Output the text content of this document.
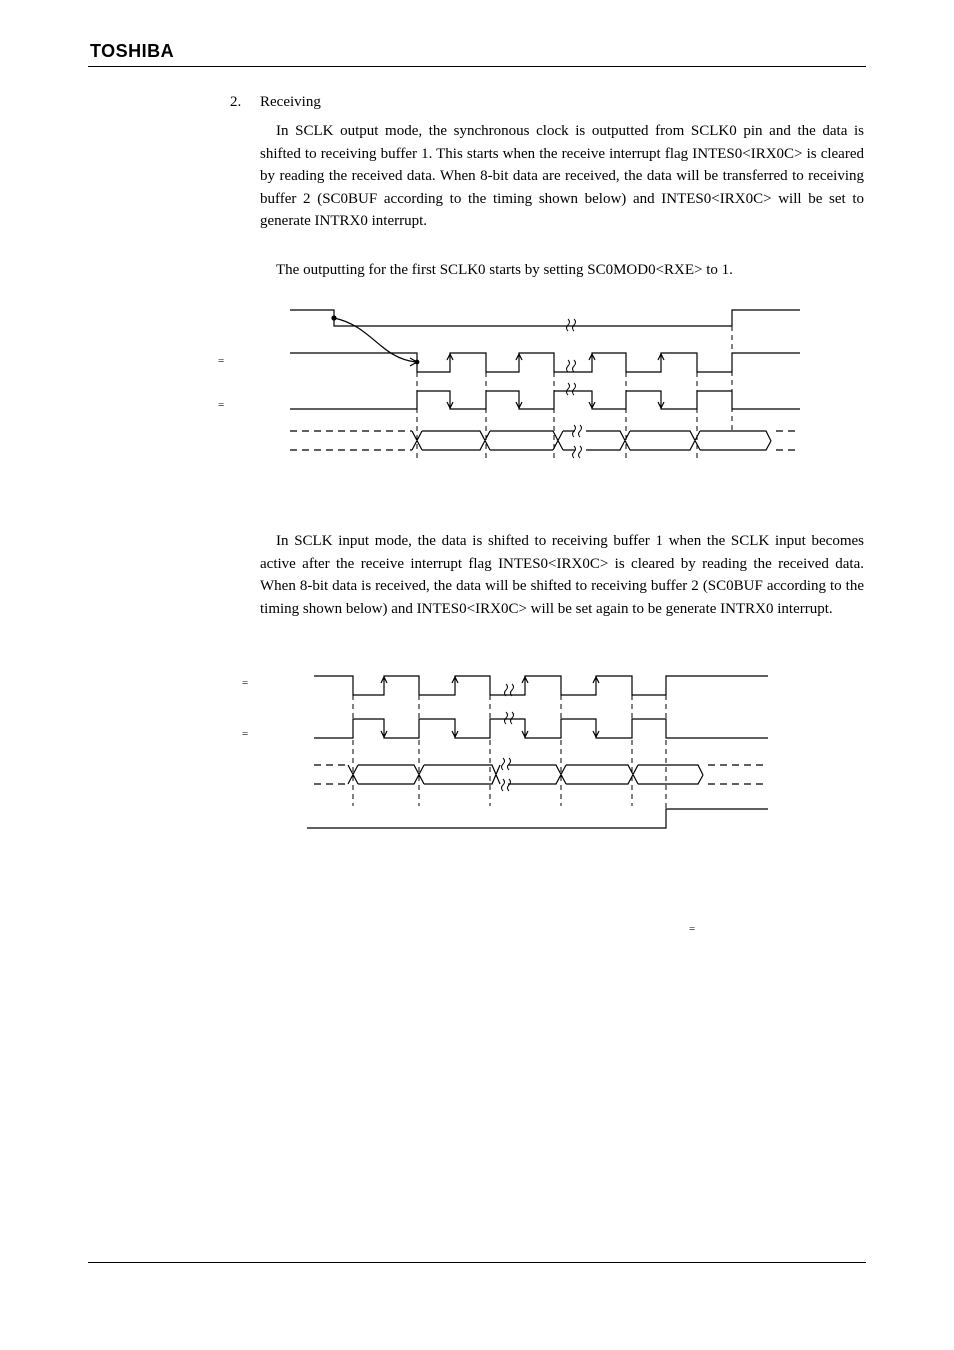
TOSHIBA
2. Receiving

In SCLK output mode, the synchronous clock is outputted from SCLK0 pin and the data is shifted to receiving buffer 1. This starts when the receive interrupt flag INTES0<IRX0C> is cleared by reading the received data. When 8-bit data are received, the data will be transferred to receiving buffer 2 (SC0BUF according to the timing shown below) and INTES0<IRX0C> will be set to generate INTRX0 interrupt.

The outputting for the first SCLK0 starts by setting SC0MOD0<RXE> to 1.

In SCLK input mode, the data is shifted to receiving buffer 1 when the SCLK input becomes active after the receive interrupt flag INTES0<IRX0C> is cleared by reading the received data. When 8-bit data is received, the data will be shifted to receiving buffer 2 (SC0BUF according to the timing shown below) and INTES0<IRX0C> will be set again to be generate INTRX0 interrupt.

=
=
=
=
=
